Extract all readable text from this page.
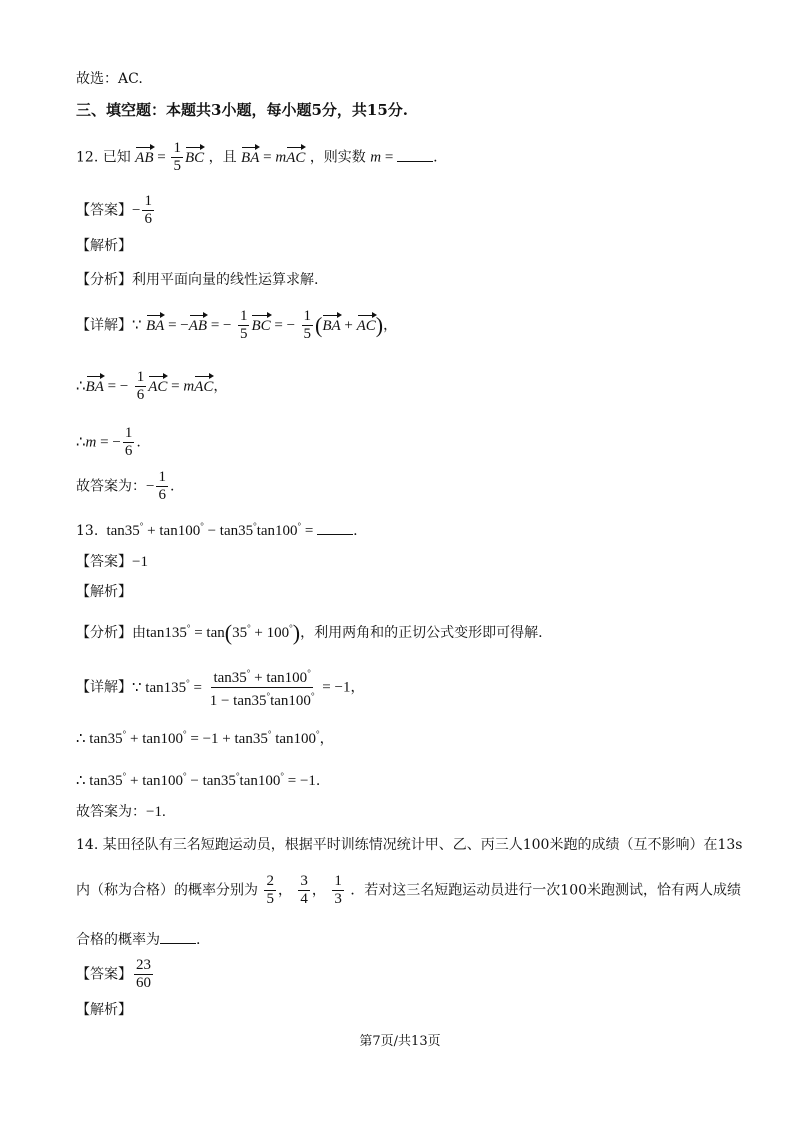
故选：AC.
三、填空题：本题共3小题，每小题5分，共15分.
12. 已知 AB = $\frac{1}{5}$ BC ，且 BA = mAC ，则实数 m =	.
【答案】− $\frac{1}{6}$
【解析】
【分析】利用平面向量的线性运算求解.
【详解】∵ BA = −AB = − $\frac{1}{5}$ BC = − $\frac{1}{5} (BA + AC)$，
∴BA = − $\frac{1}{6}$ AC = mAC，
∴m = − $\frac{1}{6}$ .
故答案为：− $\frac{1}{6}$ .
13.  tan35° + tan100° − tan35°tan100° =	.
【答案】−1
【解析】
【分析】由tan135° = tan(35° + 100°)，利用两角和的正切公式变形即可得解.
【详解】∵ $\tan 135^\circ = \frac{\tan 35^\circ + \tan 100^\circ}{1 - \tan 35^\circ\tan 100^\circ} = -1$，
∴ tan35° + tan100° = −1 + tan35° tan100°，
∴ tan35° + tan100° − tan35°tan100° = −1.
故答案为：−1.
14. 某田径队有三名短跑运动员，根据平时训练情况统计甲、乙、丙三人100米跑的成绩（互不影响）在13s
内（称为合格）的概率分别为 $\frac{2}{5}$ ， $\frac{3}{4}$ ， $\frac{1}{3}$ ．若对这三名短跑运动员进行一次100米跑测试，恰有两人成绩
合格的概率为	.
【答案】 $\frac{23}{60}$
【解析】
第7页/共13页
